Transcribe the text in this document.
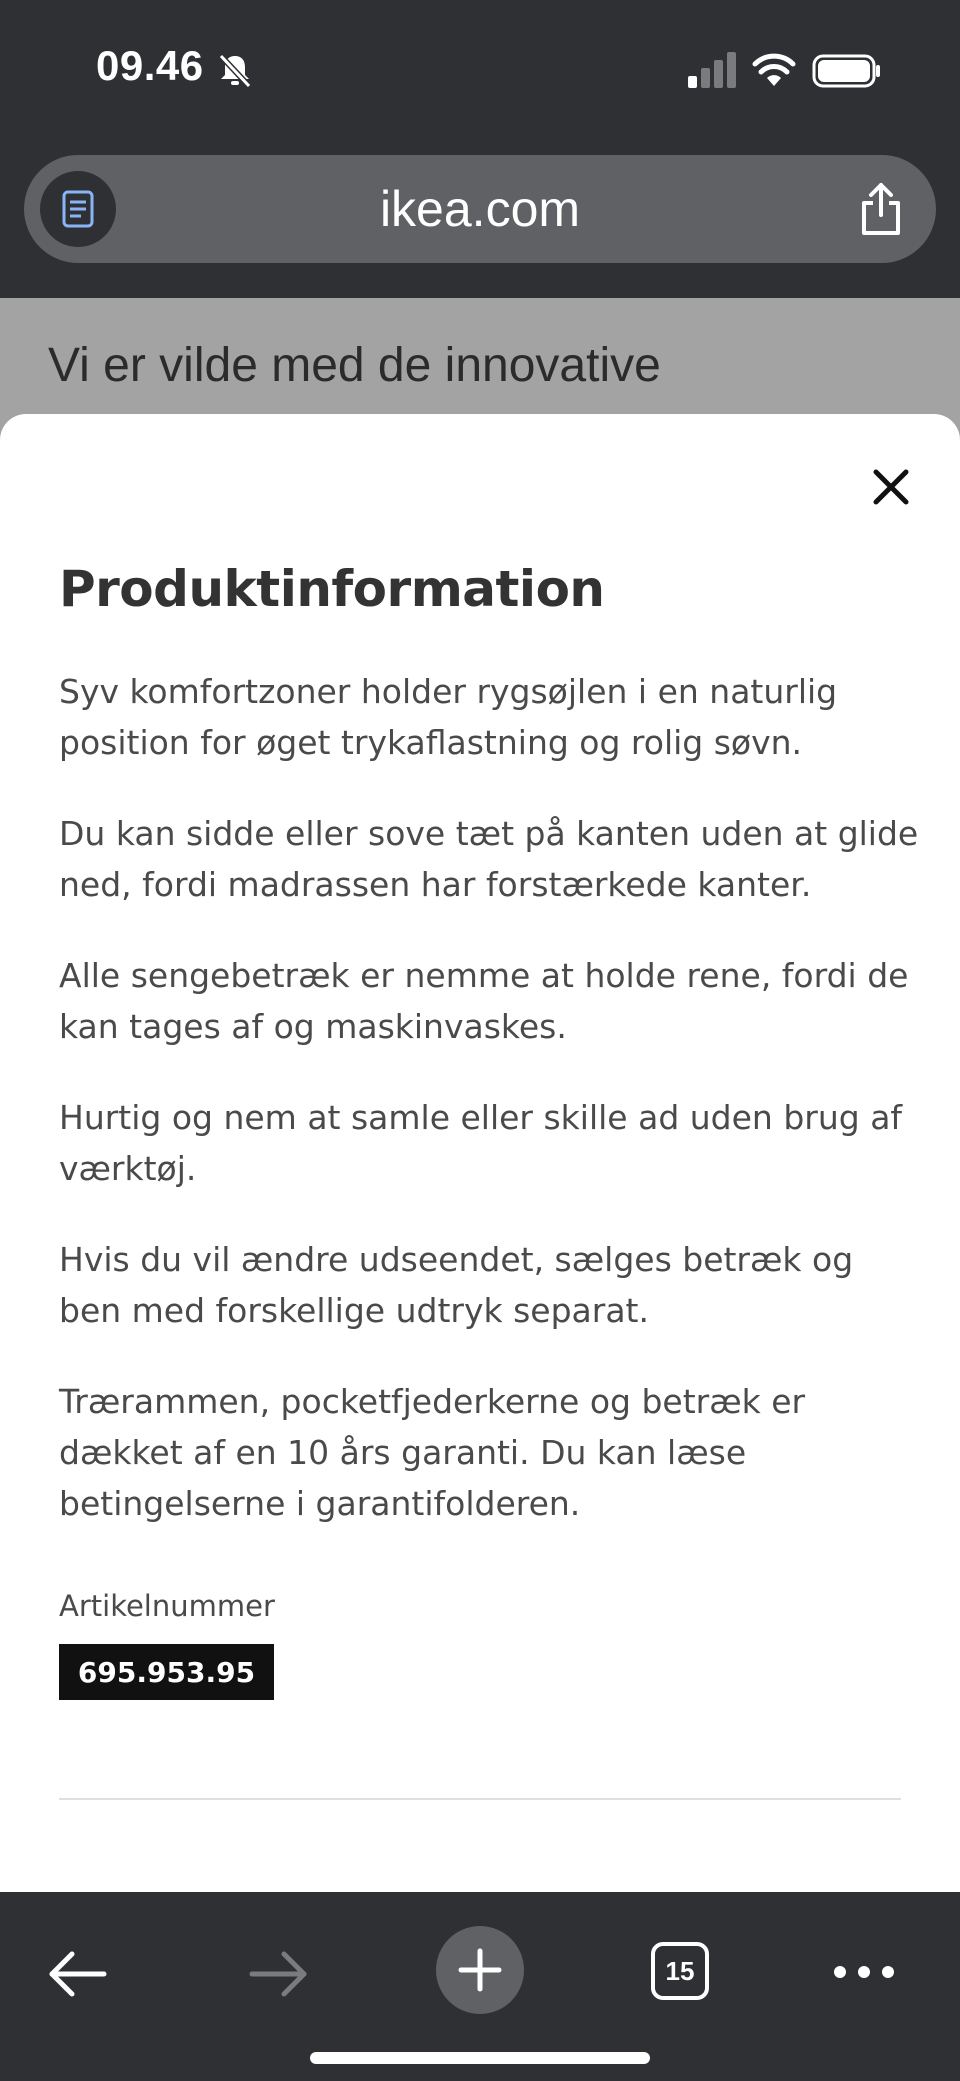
09.46
ikea.com
Vi er vilde med de innovative
Produktinformation
Syv komfortzoner holder rygsøjlen i en naturlig position for øget trykaflastning og rolig søvn.
Du kan sidde eller sove tæt på kanten uden at glide ned, fordi madrassen har forstærkede kanter.
Alle sengebetræk er nemme at holde rene, fordi de kan tages af og maskinvaskes.
Hurtig og nem at samle eller skille ad uden brug af værktøj.
Hvis du vil ændre udseendet, sælges betræk og ben med forskellige udtryk separat.
Trærammen, pocketfjederkerne og betræk er dækket af en 10 års garanti. Du kan læse betingelserne i garantifolderen.
Artikelnummer
695.953.95
15
